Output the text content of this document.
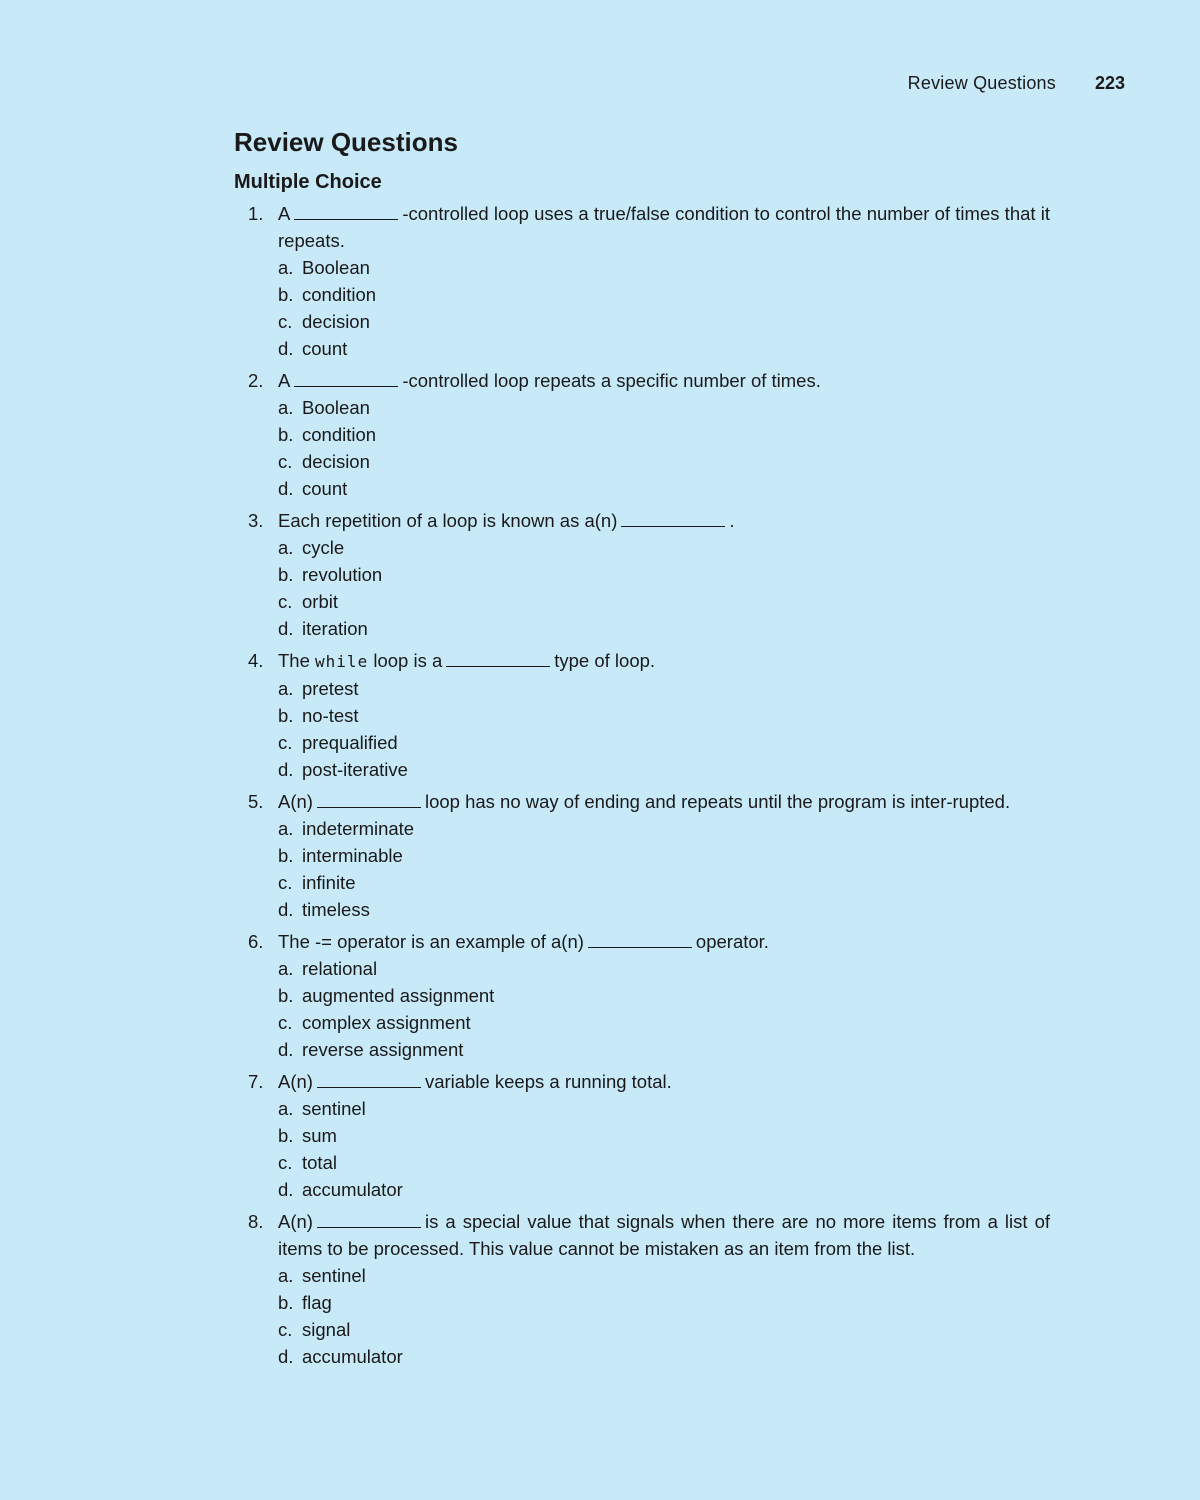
Review Questions 223
Review Questions
Multiple Choice
1. A	-controlled loop uses a true/false condition to control the number of times that it repeats.
a. Boolean
b. condition
c. decision
d. count
2. A	-controlled loop repeats a specific number of times.
a. Boolean
b. condition
c. decision
d. count
3. Each repetition of a loop is known as a(n)	.
a. cycle
b. revolution
c. orbit
d. iteration
4. The while loop is a	type of loop.
a. pretest
b. no-test
c. prequalified
d. post-iterative
5. A(n)	loop has no way of ending and repeats until the program is inter-rupted.
a. indeterminate
b. interminable
c. infinite
d. timeless
6. The -= operator is an example of a(n)	operator.
a. relational
b. augmented assignment
c. complex assignment
d. reverse assignment
7. A(n)	variable keeps a running total.
a. sentinel
b. sum
c. total
d. accumulator
8. A(n)	is a special value that signals when there are no more items from a list of items to be processed. This value cannot be mistaken as an item from the list.
a. sentinel
b. flag
c. signal
d. accumulator
